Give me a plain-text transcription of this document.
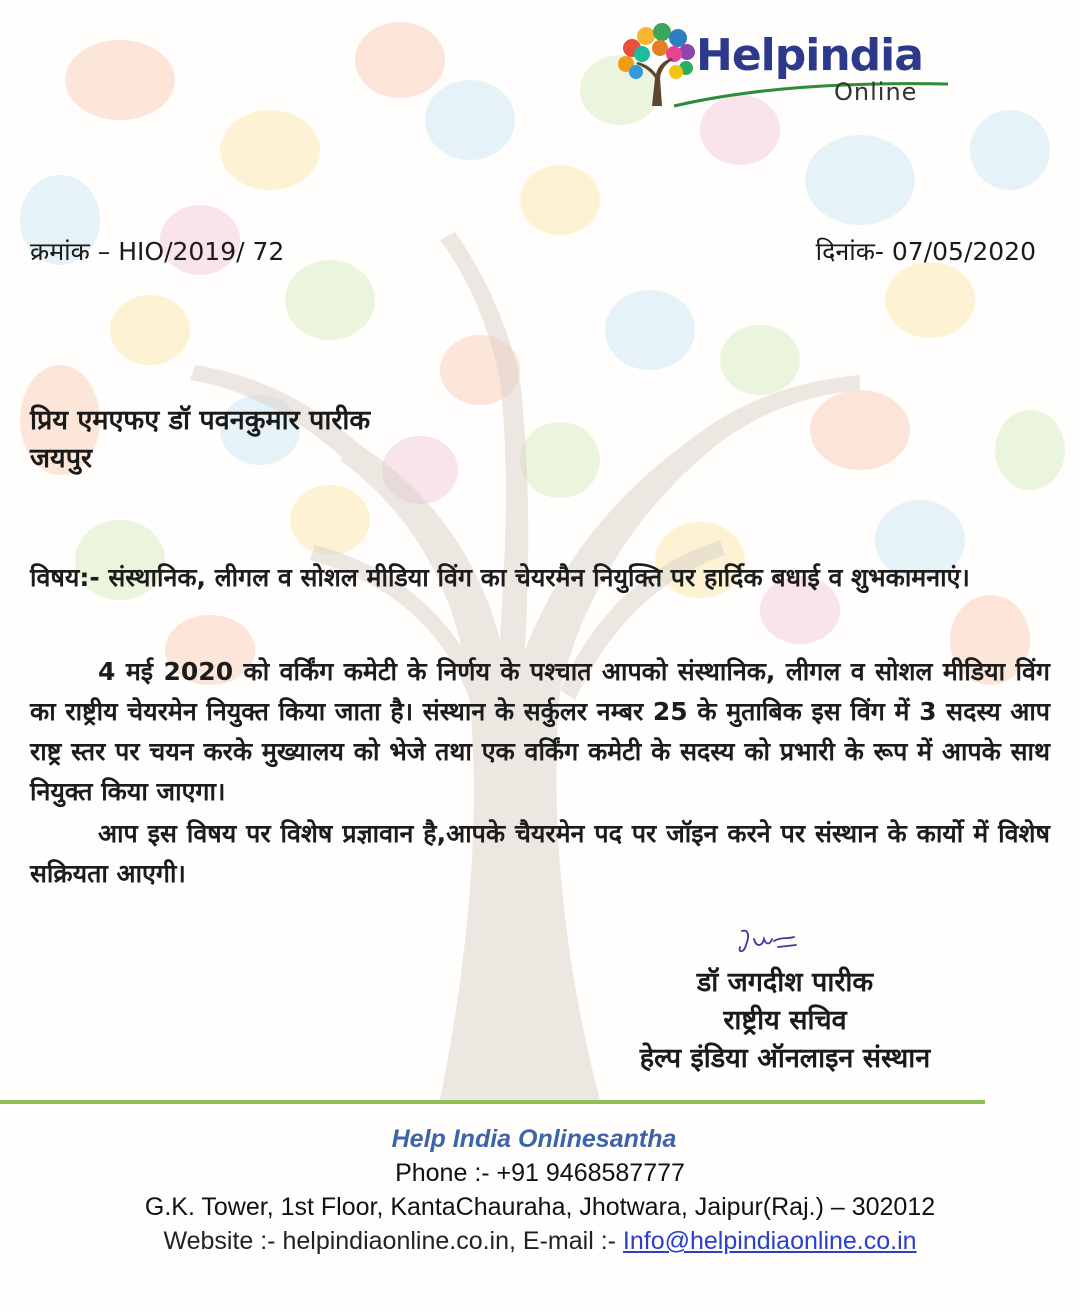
Helpindia
Online
क्रमांक – HIO/2019/ 72	दिनांक- 07/05/2020
प्रिय एमएफए डॉ पवनकुमार पारीक
जयपुर
विषय:- संस्थानिक, लीगल व सोशल मीडिया विंग का चेयरमैन नियुक्ति पर हार्दिक बधाई व शुभकामनाएं।
4 मई 2020 को वर्किंग कमेटी के निर्णय के पश्चात आपको संस्थानिक, लीगल व सोशल मीडिया विंग का राष्ट्रीय चेयरमेन नियुक्त किया जाता है। संस्थान के सर्कुलर नम्बर 25 के मुताबिक इस विंग में 3 सदस्य आप राष्ट्र स्तर पर चयन करके मुख्यालय को भेजे तथा एक वर्किंग कमेटी के सदस्य को प्रभारी के रूप में आपके साथ नियुक्त किया जाएगा।
आप इस विषय पर विशेष प्रज्ञावान है,आपके चैयरमेन पद पर जॉइन करने पर संस्थान के कार्यो में विशेष सक्रियता आएगी।
डॉ जगदीश पारीक
राष्ट्रीय सचिव
हेल्प इंडिया ऑनलाइन संस्थान
Help India Onlinesantha
Phone :- +91 9468587777
G.K. Tower, 1st Floor, KantaChauraha, Jhotwara, Jaipur(Raj.) – 302012
Website :- helpindiaonline.co.in, E-mail :- Info@helpindiaonline.co.in
